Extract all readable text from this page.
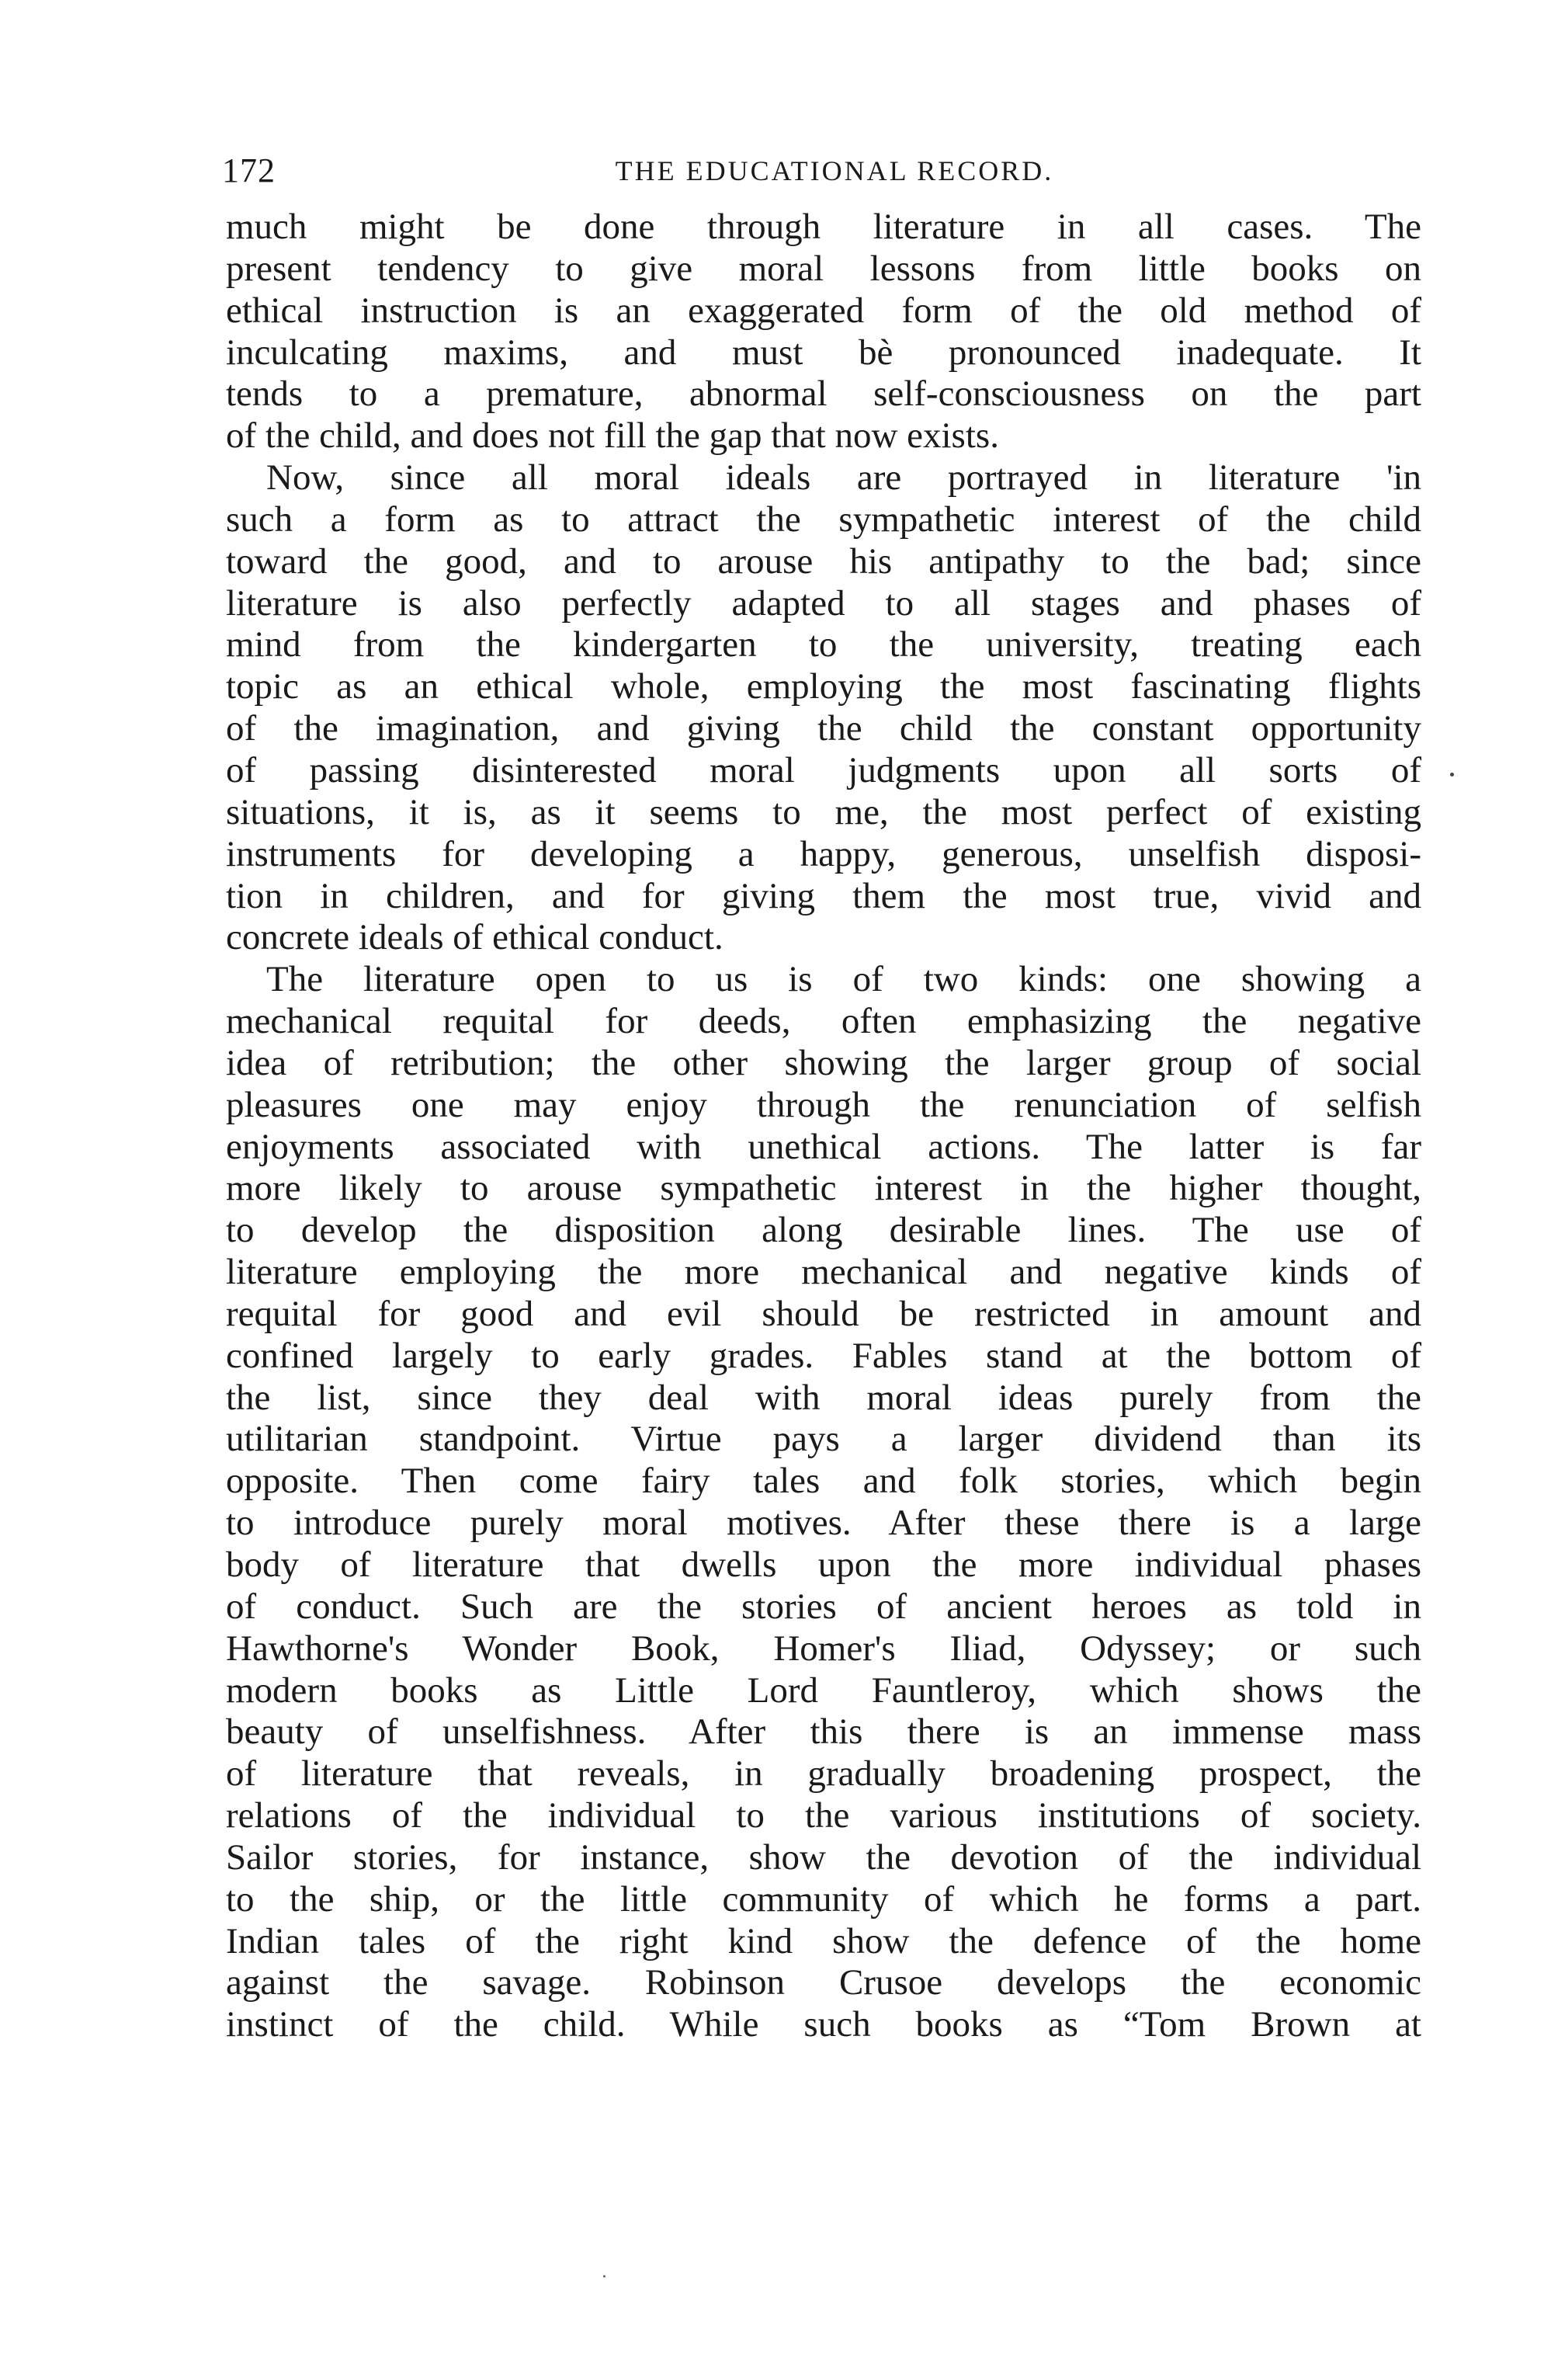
172	THE EDUCATIONAL RECORD.
much might be done through literature in all cases. The
present tendency to give moral lessons from little books on
ethical instruction is an exaggerated form of the old method of
inculcating maxims, and must bè pronounced inadequate. It
tends to a premature, abnormal self-consciousness on the part
of the child, and does not fill the gap that now exists.
Now, since all moral ideals are portrayed in literature 'in
such a form as to attract the sympathetic interest of the child
toward the good, and to arouse his antipathy to the bad; since
literature is also perfectly adapted to all stages and phases of
mind from the kindergarten to the university, treating each
topic as an ethical whole, employing the most fascinating flights
of the imagination, and giving the child the constant opportunity
of passing disinterested moral judgments upon all sorts of
situations, it is, as it seems to me, the most perfect of existing
instruments for developing a happy, generous, unselfish disposi-
tion in children, and for giving them the most true, vivid and
concrete ideals of ethical conduct.
The literature open to us is of two kinds: one showing a
mechanical requital for deeds, often emphasizing the negative
idea of retribution; the other showing the larger group of social
pleasures one may enjoy through the renunciation of selfish
enjoyments associated with unethical actions. The latter is far
more likely to arouse sympathetic interest in the higher thought,
to develop the disposition along desirable lines. The use of
literature employing the more mechanical and negative kinds of
requital for good and evil should be restricted in amount and
confined largely to early grades. Fables stand at the bottom of
the list, since they deal with moral ideas purely from the
utilitarian standpoint. Virtue pays a larger dividend than its
opposite. Then come fairy tales and folk stories, which begin
to introduce purely moral motives. After these there is a large
body of literature that dwells upon the more individual phases
of conduct. Such are the stories of ancient heroes as told in
Hawthorne's Wonder Book, Homer's Iliad, Odyssey; or such
modern books as Little Lord Fauntleroy, which shows the
beauty of unselfishness. After this there is an immense mass
of literature that reveals, in gradually broadening prospect, the
relations of the individual to the various institutions of society.
Sailor stories, for instance, show the devotion of the individual
to the ship, or the little community of which he forms a part.
Indian tales of the right kind show the defence of the home
against the savage. Robinson Crusoe develops the economic
instinct of the child. While such books as “Tom Brown at
